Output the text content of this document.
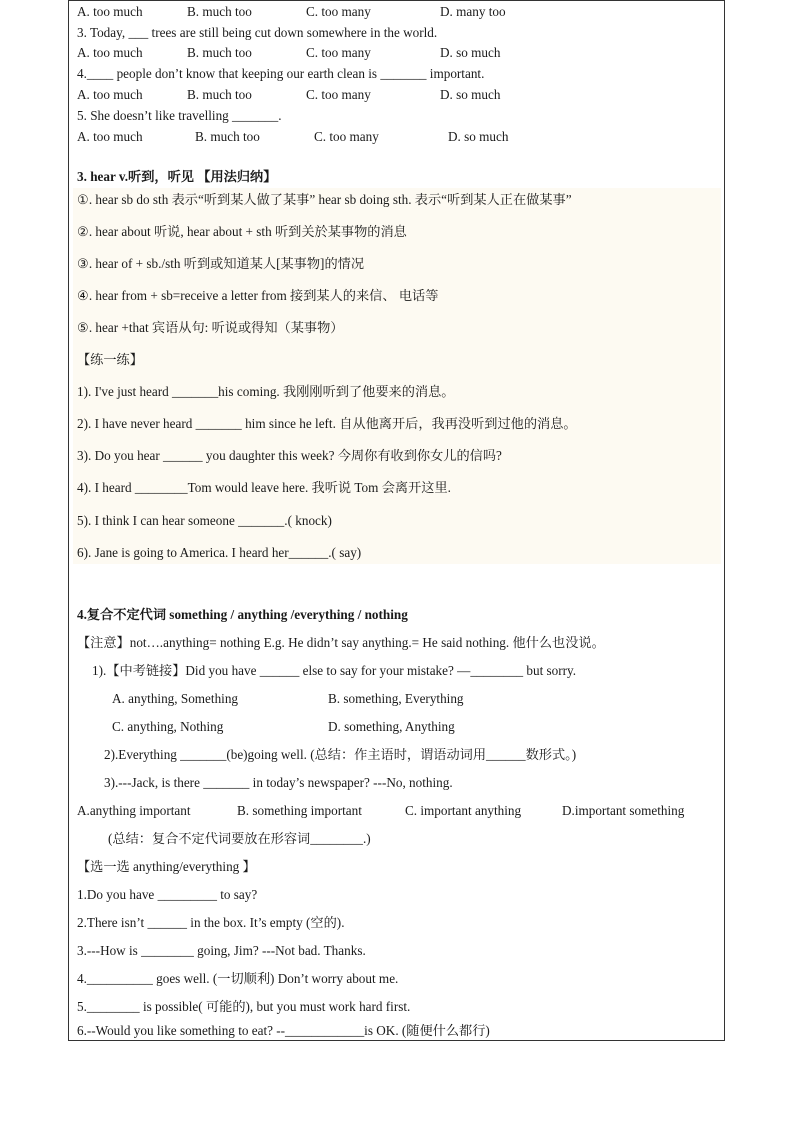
A. too much	B. much too	C. too many	D. many too
3. Today, ___ trees are still being cut down somewhere in the world.
A. too much	B. much too	C. too many	D. so much
4.____ people don’t know that keeping our earth clean is _______ important.
A. too much	B. much too	C. too many	D. so much
5. She doesn’t like travelling _______.
A. too much	B. much too	C. too many	D. so much
3. hear v.听到，听见 【用法归纳】
①. hear sb do sth 表示“听到某人做了某事” hear sb doing sth. 表示“听到某人正在做某事”
②. hear about 听说, hear about + sth 听到关於某事物的消息
③. hear of + sb./sth 听到或知道某人[某事物]的情况
④. hear from + sb=receive a letter from 接到某人的来信、 电话等
⑤. hear +that 宾语从句: 听说或得知（某事物）
【练一练】
1). I've just heard _______his coming. 我刚刚听到了他要来的消息。
2). I have never heard _______ him since he left. 自从他离开后，我再没听到过他的消息。
3). Do you hear ______ you daughter this week? 今周你有收到你女儿的信吗?
4). I heard ________Tom would leave here. 我听说 Tom 会离开这里.
5). I think I can hear someone _______.( knock)
6). Jane is going to America. I heard her______.( say)
4.复合不定代词 something / anything /everything / nothing
【注意】not….anything= nothing E.g. He didn’t say anything.= He said nothing. 他什么也没说。
1).【中考链接】Did you have ______ else to say for your mistake? —________ but sorry.
A. anything, Something	B. something, Everything
C. anything, Nothing	D. something, Anything
2).Everything _______(be)going well. (总结：作主语时，谓语动词用______数形式。)
3).---Jack, is there _______ in today’s newspaper? ---No, nothing.
A.anything important	B. something important	C. important anything	D.important something
(总结：复合不定代词要放在形容词________.)
【选一选 anything/everything 】
1.Do you have _________ to say?
2.There isn’t ______ in the box. It’s empty (空的).
3.---How is ________ going, Jim? ---Not bad. Thanks.
4.__________ goes well. (一切顺利) Don’t worry about me.
5.________ is possible( 可能的), but you must work hard first.
6.--Would you like something to eat? --____________is OK. (随便什么都行)
